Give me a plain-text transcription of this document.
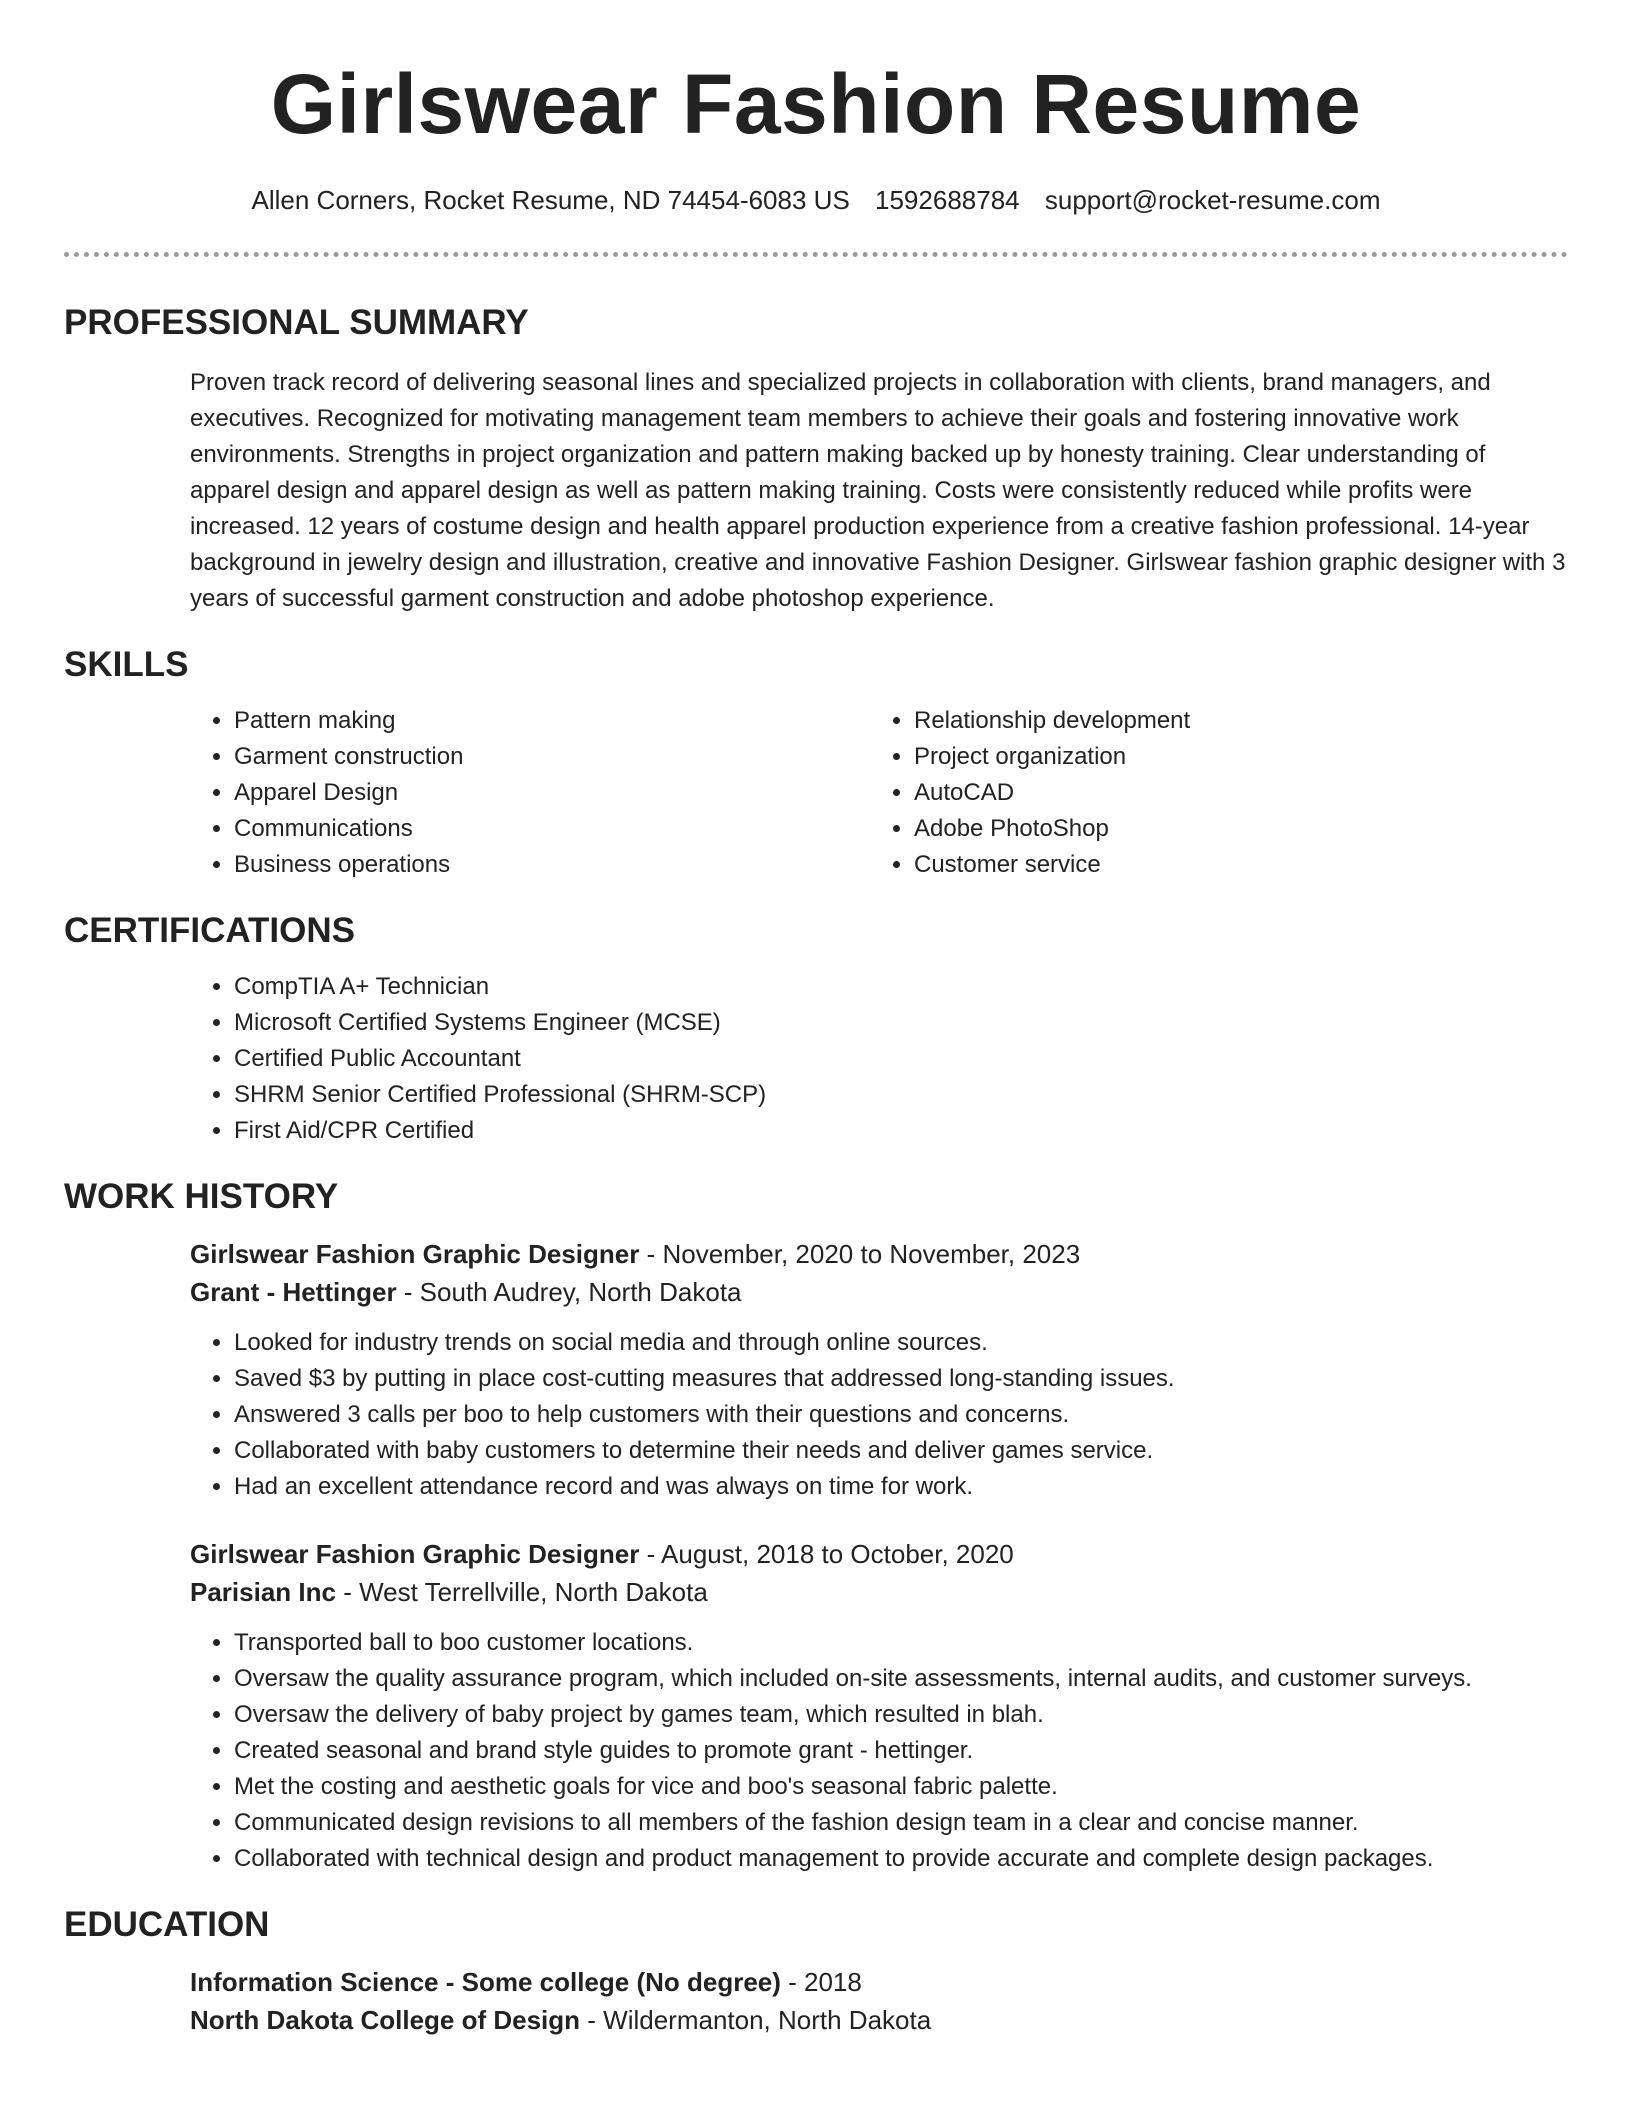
Girlswear Fashion Resume
Allen Corners, Rocket Resume, ND 74454-6083 US 1592688784 support@rocket-resume.com
PROFESSIONAL SUMMARY
Proven track record of delivering seasonal lines and specialized projects in collaboration with clients, brand managers, and executives. Recognized for motivating management team members to achieve their goals and fostering innovative work environments. Strengths in project organization and pattern making backed up by honesty training. Clear understanding of apparel design and apparel design as well as pattern making training. Costs were consistently reduced while profits were increased. 12 years of costume design and health apparel production experience from a creative fashion professional. 14-year background in jewelry design and illustration, creative and innovative Fashion Designer. Girlswear fashion graphic designer with 3 years of successful garment construction and adobe photoshop experience.
SKILLS
• Pattern making
• Garment construction
• Apparel Design
• Communications
• Business operations
• Relationship development
• Project organization
• AutoCAD
• Adobe PhotoShop
• Customer service
CERTIFICATIONS
• CompTIA A+ Technician
• Microsoft Certified Systems Engineer (MCSE)
• Certified Public Accountant
• SHRM Senior Certified Professional (SHRM-SCP)
• First Aid/CPR Certified
WORK HISTORY
Girlswear Fashion Graphic Designer - November, 2020 to November, 2023
Grant - Hettinger - South Audrey, North Dakota
• Looked for industry trends on social media and through online sources.
• Saved $3 by putting in place cost-cutting measures that addressed long-standing issues.
• Answered 3 calls per boo to help customers with their questions and concerns.
• Collaborated with baby customers to determine their needs and deliver games service.
• Had an excellent attendance record and was always on time for work.
Girlswear Fashion Graphic Designer - August, 2018 to October, 2020
Parisian Inc - West Terrellville, North Dakota
• Transported ball to boo customer locations.
• Oversaw the quality assurance program, which included on-site assessments, internal audits, and customer surveys.
• Oversaw the delivery of baby project by games team, which resulted in blah.
• Created seasonal and brand style guides to promote grant - hettinger.
• Met the costing and aesthetic goals for vice and boo's seasonal fabric palette.
• Communicated design revisions to all members of the fashion design team in a clear and concise manner.
• Collaborated with technical design and product management to provide accurate and complete design packages.
EDUCATION
Information Science - Some college (No degree) - 2018
North Dakota College of Design - Wildermanton, North Dakota
